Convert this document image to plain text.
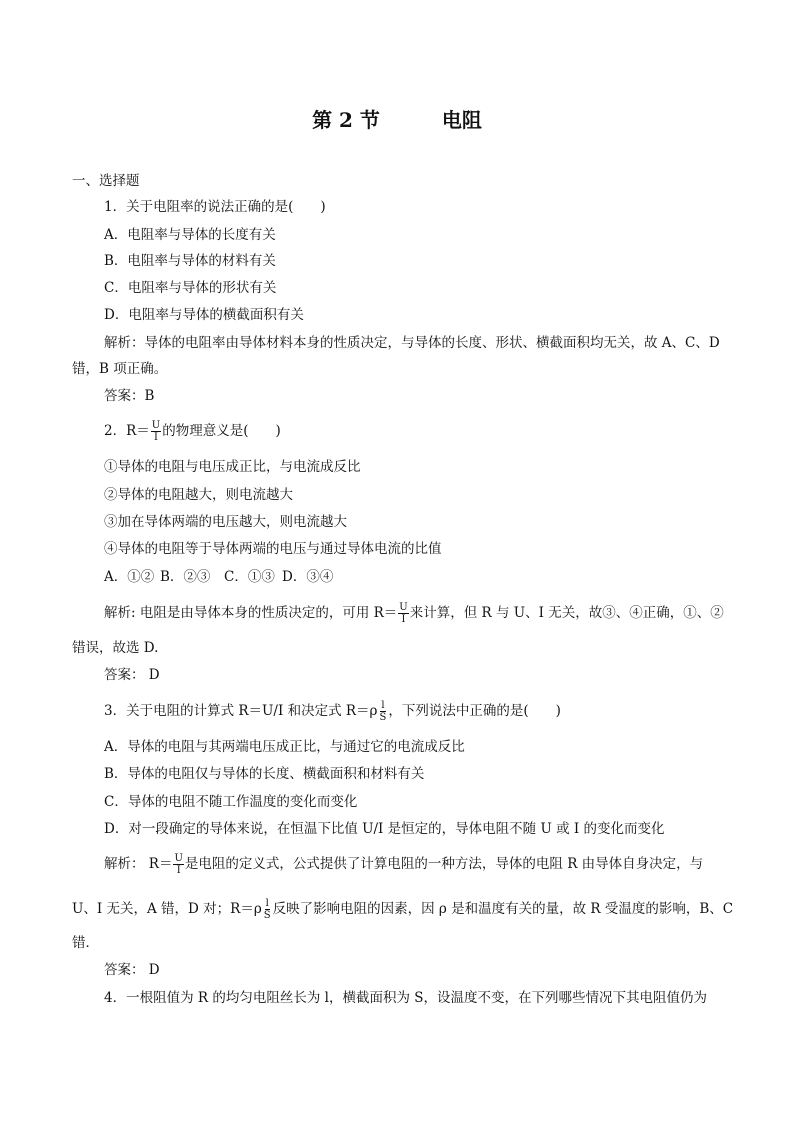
第 2 节	电阻
一、选择题
1．关于电阻率的说法正确的是(　　)
A．电阻率与导体的长度有关
B．电阻率与导体的材料有关
C．电阻率与导体的形状有关
D．电阻率与导体的横截面积有关
解析：导体的电阻率由导体材料本身的性质决定，与导体的长度、形状、横截面积均无关，故 A、C、D
错，B 项正确。
答案：B
2．$R= \frac{U}{I}$ 的物理意义是(　　)
①导体的电阻与电压成正比，与电流成反比
②导体的电阻越大，则电流越大
③加在导体两端的电压越大，则电流越大
④导体的电阻等于导体两端的电压与通过导体电流的比值
A．①② B．②③ C．①③ D．③④
解析: 电阻是由导体本身的性质决定的，可用 $R= \frac{U}{I}$ 来计算，但 R 与 U、I 无关，故③、④正确，①、②
错误，故选 D.
答案： D
3．关于电阻的计算式 R＝U/I 和决定式 $R=\rho \frac{l}{S}$ ，下列说法中正确的是(　　)
A．导体的电阻与其两端电压成正比，与通过它的电流成反比
B．导体的电阻仅与导体的长度、横截面积和材料有关
C．导体的电阻不随工作温度的变化而变化
D．对一段确定的导体来说，在恒温下比值 U/I 是恒定的，导体电阻不随 U 或 I 的变化而变化
解析： $R= \frac{U}{I}$ 是电阻的定义式，公式提供了计算电阻的一种方法，导体的电阻 R 由导体自身决定，与
U、I 无关，A 错，D 对；$R=\rho \frac{l}{S}$ 反映了影响电阻的因素，因 ρ 是和温度有关的量，故 R 受温度的影响，B、C
错．
答案： D
4．一根阻值为 R 的均匀电阻丝长为 l，横截面积为 S，设温度不变，在下列哪些情况下其电阻值仍为
